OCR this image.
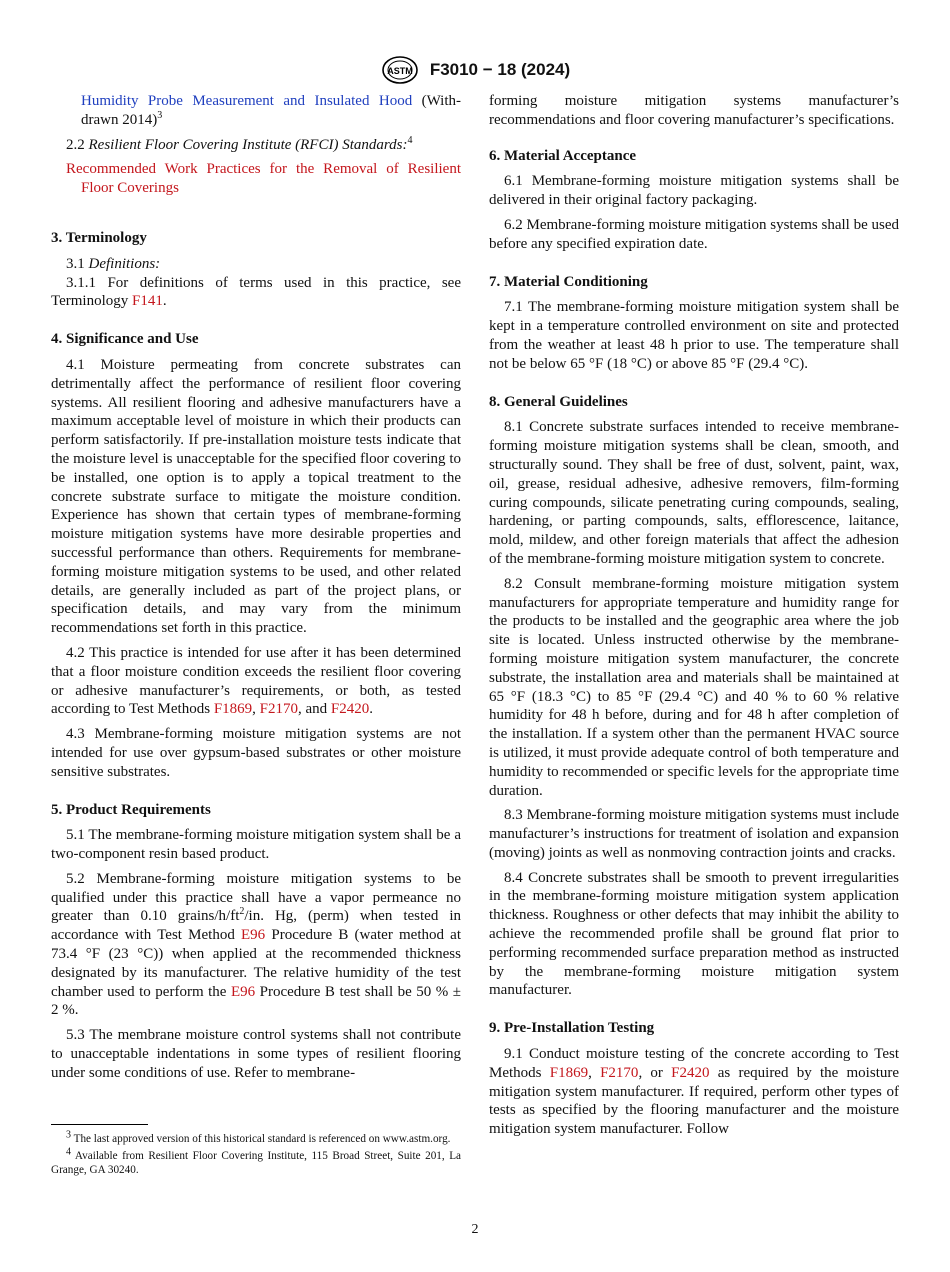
ASTM F3010 − 18 (2024)

Humidity Probe Measurement and Insulated Hood (With-drawn 2014)$^3$

2.2 Resilient Floor Covering Institute (RFCI) Standards:$^4$

Recommended Work Practices for the Removal of Resilient Floor Coverings

3. Terminology

3.1 Definitions:

3.1.1 For definitions of terms used in this practice, see Terminology F141.

4. Significance and Use

4.1 Moisture permeating from concrete substrates can detrimentally affect the performance of resilient floor covering systems. All resilient flooring and adhesive manufacturers have a maximum acceptable level of moisture in which their products can perform satisfactorily. If pre-installation moisture tests indicate that the moisture level is unacceptable for the specified floor covering to be installed, one option is to apply a topical treatment to the concrete substrate surface to mitigate the moisture condition. Experience has shown that certain types of membrane-forming moisture mitigation systems have more desirable properties and successful performance than others. Requirements for membrane-forming moisture mitigation systems to be used, and other related details, are generally included as part of the project plans, or specification details, and may vary from the minimum recommendations set forth in this practice.

4.2 This practice is intended for use after it has been determined that a floor moisture condition exceeds the resilient floor covering or adhesive manufacturer’s requirements, or both, as tested according to Test Methods F1869, F2170, and F2420.

4.3 Membrane-forming moisture mitigation systems are not intended for use over gypsum-based substrates or other moisture sensitive substrates.

5. Product Requirements

5.1 The membrane-forming moisture mitigation system shall be a two-component resin based product.

5.2 Membrane-forming moisture mitigation systems to be qualified under this practice shall have a vapor permeance no greater than 0.10 grains/$h/ft^2/in$. Hg, (perm) when tested in accordance with Test Method E96 Procedure B (water method at 73.4 °F (23 °C)) when applied at the recommended thickness designated by its manufacturer. The relative humidity of the test chamber used to perform the E96 Procedure B test shall be 50 % ± 2 %.

5.3 The membrane moisture control systems shall not contribute to unacceptable indentations in some types of resilient flooring under some conditions of use. Refer to membrane-

forming moisture mitigation systems manufacturer’s recommendations and floor covering manufacturer’s specifications.

6. Material Acceptance

6.1 Membrane-forming moisture mitigation systems shall be delivered in their original factory packaging.

6.2 Membrane-forming moisture mitigation systems shall be used before any specified expiration date.

7. Material Conditioning

7.1 The membrane-forming moisture mitigation system shall be kept in a temperature controlled environment on site and protected from the weather at least 48 h prior to use. The temperature shall not be below 65 °F (18 °C) or above 85 °F (29.4 °C).

8. General Guidelines

8.1 Concrete substrate surfaces intended to receive membrane-forming moisture mitigation systems shall be clean, smooth, and structurally sound. They shall be free of dust, solvent, paint, wax, oil, grease, residual adhesive, adhesive removers, film-forming curing compounds, silicate penetrating curing compounds, sealing, hardening, or parting compounds, salts, efflorescence, laitance, mold, mildew, and other foreign materials that affect the adhesion of the membrane-forming moisture mitigation system to concrete.

8.2 Consult membrane-forming moisture mitigation system manufacturers for appropriate temperature and humidity range for the products to be installed and the geographic area where the job site is located. Unless instructed otherwise by the membrane-forming moisture mitigation system manufacturer, the concrete substrate, the installation area and materials shall be maintained at 65 °F (18.3 °C) to 85 °F (29.4 °C) and 40 % to 60 % relative humidity for 48 h before, during and for 48 h after completion of the installation. If a system other than the permanent HVAC source is utilized, it must provide adequate control of both temperature and humidity to recommended or specific levels for the appropriate time duration.

8.3 Membrane-forming moisture mitigation systems must include manufacturer’s instructions for treatment of isolation and expansion (moving) joints as well as nonmoving contraction joints and cracks.

8.4 Concrete substrates shall be smooth to prevent irregularities in the membrane-forming moisture mitigation system application thickness. Roughness or other defects that may inhibit the ability to achieve the recommended profile shall be ground flat prior to performing recommended surface preparation method as instructed by the membrane-forming moisture mitigation system manufacturer.

9. Pre-Installation Testing

9.1 Conduct moisture testing of the concrete according to Test Methods F1869, F2170, or F2420 as required by the moisture mitigation system manufacturer. If required, perform other types of tests as specified by the flooring manufacturer and the moisture mitigation system manufacturer. Follow

$^3$ The last approved version of this historical standard is referenced on www.astm.org.
$^4$ Available from Resilient Floor Covering Institute, 115 Broad Street, Suite 201, La Grange, GA 30240.
2
